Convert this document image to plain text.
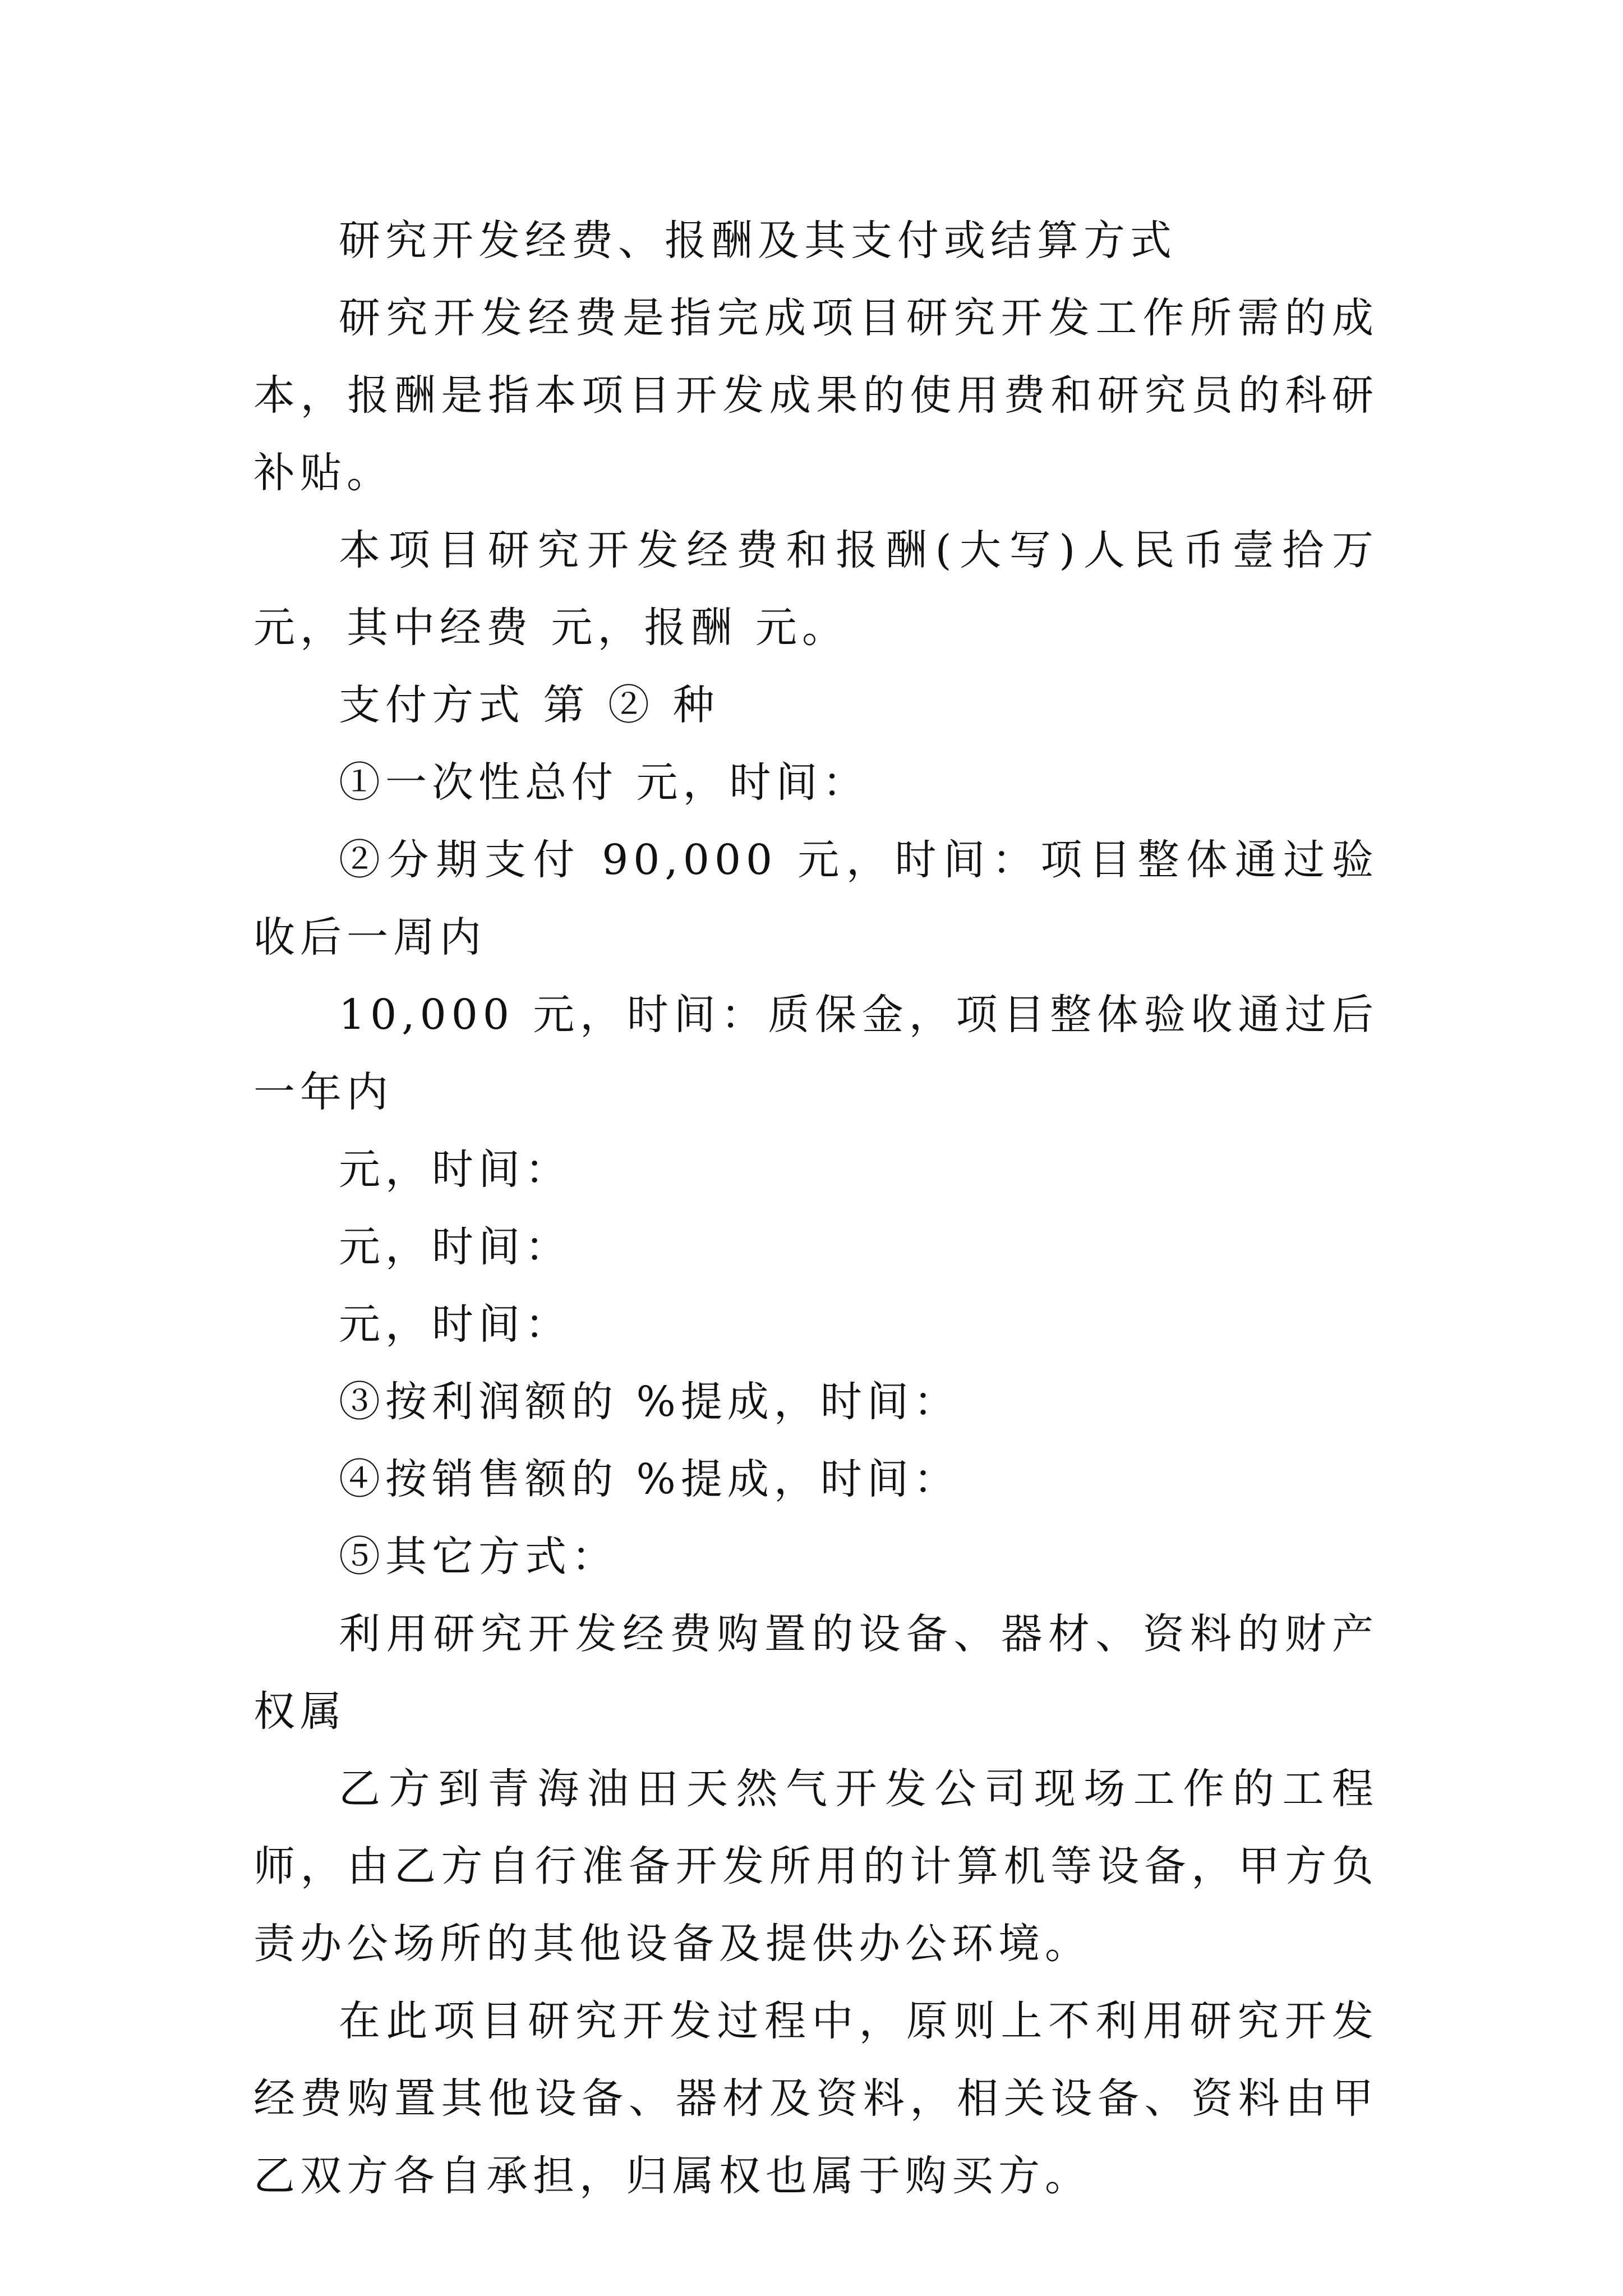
研究开发经费、报酬及其支付或结算方式

研究开发经费是指完成项目研究开发工作所需的成本，报酬是指本项目开发成果的使用费和研究员的科研补贴。

本项目研究开发经费和报酬(大写)人民币壹拾万元，其中经费 元，报酬 元。

支付方式 第 ② 种

①一次性总付 元，时间：

②分期支付 90,000 元，时间：项目整体通过验收后一周内

10,000 元，时间：质保金，项目整体验收通过后一年内

元，时间：

元，时间：

元，时间：

③按利润额的 %提成，时间：

④按销售额的 %提成，时间：

⑤其它方式：

利用研究开发经费购置的设备、器材、资料的财产权属

乙方到青海油田天然气开发公司现场工作的工程师，由乙方自行准备开发所用的计算机等设备，甲方负责办公场所的其他设备及提供办公环境。

在此项目研究开发过程中，原则上不利用研究开发经费购置其他设备、器材及资料，相关设备、资料由甲乙双方各自承担，归属权也属于购买方。
